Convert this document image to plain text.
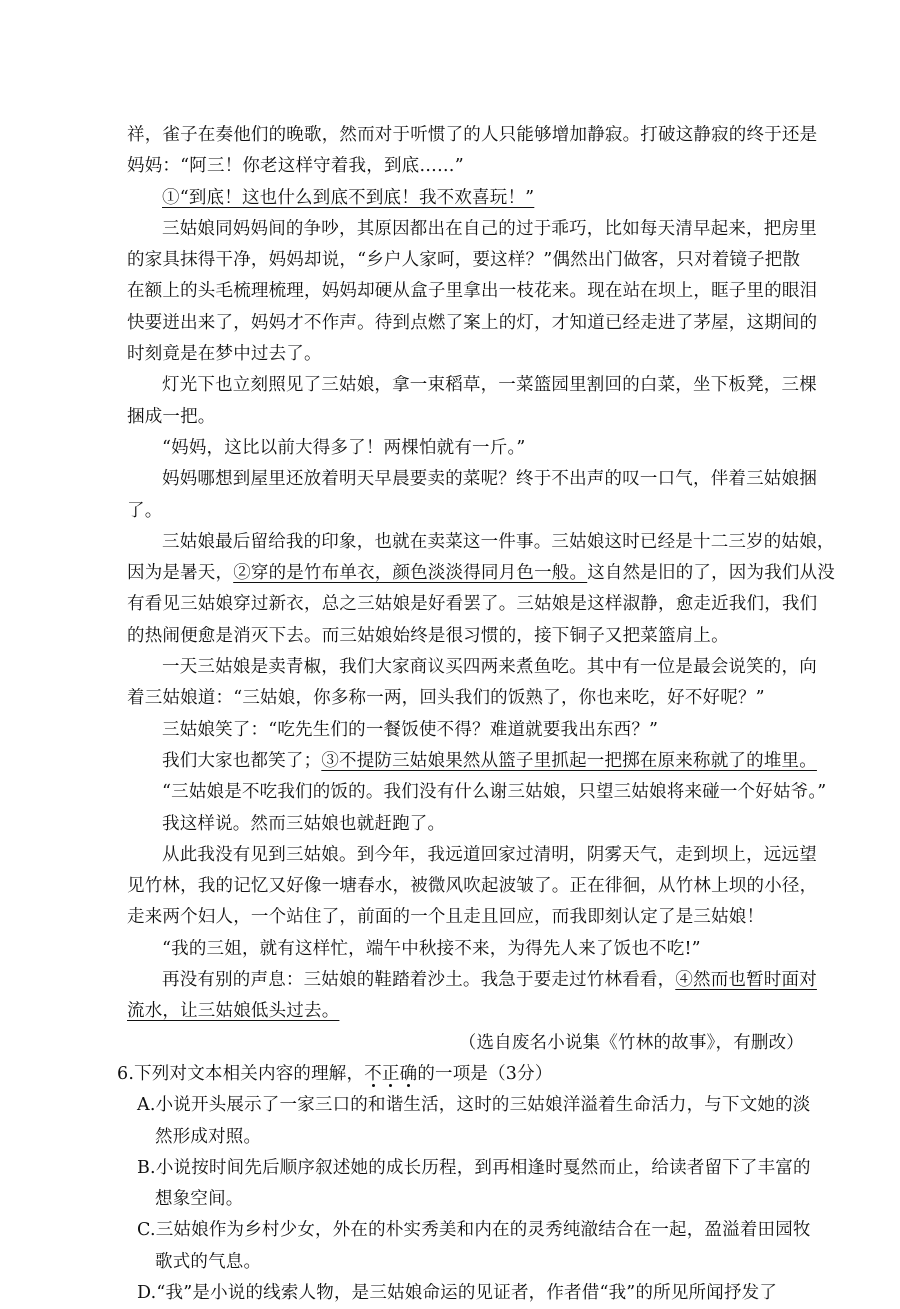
祥，雀子在奏他们的晚歌，然而对于听惯了的人只能够增加静寂。打破这静寂的终于还是

妈妈：“阿三！你老这样守着我，到底……”

①“到底！这也什么到底不到底！我不欢喜玩！”

三姑娘同妈妈间的争吵，其原因都出在自己的过于乖巧，比如每天清早起来，把房里

的家具抹得干净，妈妈却说，“乡户人家呵，要这样？”偶然出门做客，只对着镜子把散

在额上的头毛梳理梳理，妈妈却硬从盒子里拿出一枝花来。现在站在坝上，眶子里的眼泪

快要迸出来了，妈妈才不作声。待到点燃了案上的灯，才知道已经走进了茅屋，这期间的

时刻竟是在梦中过去了。

灯光下也立刻照见了三姑娘，拿一束稻草，一菜篮园里割回的白菜，坐下板凳，三棵

捆成一把。

“妈妈，这比以前大得多了！两棵怕就有一斤。”

妈妈哪想到屋里还放着明天早晨要卖的菜呢？终于不出声的叹一口气，伴着三姑娘捆

了。

三姑娘最后留给我的印象，也就在卖菜这一件事。三姑娘这时已经是十二三岁的姑娘，

因为是暑天，②穿的是竹布单衣，颜色淡淡得同月色一般。这自然是旧的了，因为我们从没

有看见三姑娘穿过新衣，总之三姑娘是好看罢了。三姑娘是这样淑静，愈走近我们，我们

的热闹便愈是消灭下去。而三姑娘始终是很习惯的，接下铜子又把菜篮肩上。

一天三姑娘是卖青椒，我们大家商议买四两来煮鱼吃。其中有一位是最会说笑的，向

着三姑娘道：“三姑娘，你多称一两，回头我们的饭熟了，你也来吃，好不好呢？”

三姑娘笑了：“吃先生们的一餐饭使不得？难道就要我出东西？”

我们大家也都笑了；③不提防三姑娘果然从篮子里抓起一把掷在原来称就了的堆里。

“三姑娘是不吃我们的饭的。我们没有什么谢三姑娘，只望三姑娘将来碰一个好姑爷。”

我这样说。然而三姑娘也就赶跑了。

从此我没有见到三姑娘。到今年，我远道回家过清明，阴雾天气，走到坝上，远远望

见竹林，我的记忆又好像一塘春水，被微风吹起波皱了。正在徘徊，从竹林上坝的小径，

走来两个妇人，一个站住了，前面的一个且走且回应，而我即刻认定了是三姑娘！

“我的三姐，就有这样忙，端午中秋接不来，为得先人来了饭也不吃!”

再没有别的声息：三姑娘的鞋踏着沙土。我急于要走过竹林看看，④然而也暂时面对

流水，让三姑娘低头过去。

（选自废名小说集《竹林的故事》，有删改）

6.下列对文本相关内容的理解，不正确的一项是（3分）

A.小说开头展示了一家三口的和谐生活，这时的三姑娘洋溢着生命活力，与下文她的淡

然形成对照。

B.小说按时间先后顺序叙述她的成长历程，到再相逢时戛然而止，给读者留下了丰富的

想象空间。

C.三姑娘作为乡村少女，外在的朴实秀美和内在的灵秀纯澈结合在一起，盈溢着田园牧

歌式的气息。

D.“我”是小说的线索人物，是三姑娘命运的见证者，作者借“我”的所见所闻抒发了
